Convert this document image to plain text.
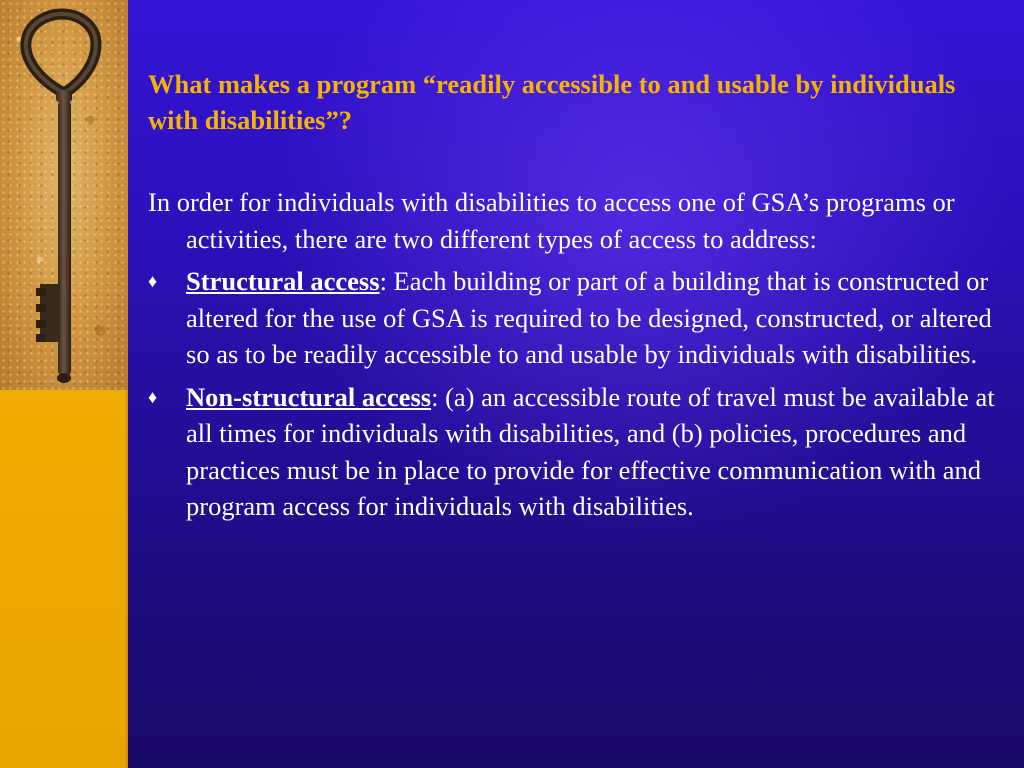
What makes a program “readily accessible to and usable by individuals with disabilities”?

In order for individuals with disabilities to access one of GSA’s programs or activities, there are two different types of access to address:

♦	Structural access: Each building or part of a building that is constructed or altered for the use of GSA is required to be designed, constructed, or altered so as to be readily accessible to and usable by individuals with disabilities.
♦	Non-structural access: (a) an accessible route of travel must be available at all times for individuals with disabilities, and (b) policies, procedures and practices must be in place to provide for effective communication with and program access for individuals with disabilities.
